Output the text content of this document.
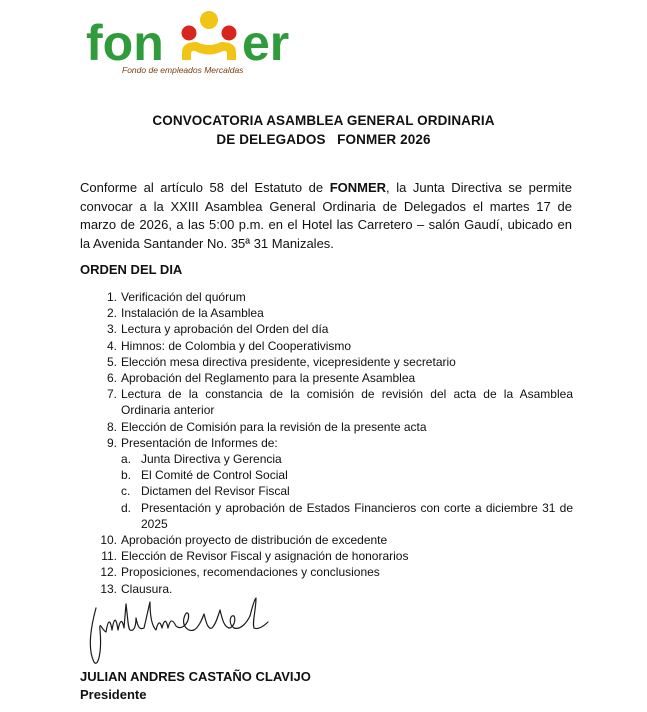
fon er
Fondo de empleados Mercaldas
CONVOCATORIA ASAMBLEA GENERAL ORDINARIA
DE DELEGADOS   FONMER 2026
Conforme al artículo 58 del Estatuto de FONMER, la Junta Directiva se permite convocar a la XXIII Asamblea General Ordinaria de Delegados el martes 17 de marzo de 2026, a las 5:00 p.m. en el Hotel las Carretero – salón Gaudí, ubicado en la Avenida Santander No. 35ª 31 Manizales.
ORDEN DEL DIA
1. Verificación del quórum
2. Instalación de la Asamblea
3. Lectura y aprobación del Orden del día
4. Himnos: de Colombia y del Cooperativismo
5. Elección mesa directiva presidente, vicepresidente y secretario
6. Aprobación del Reglamento para la presente Asamblea
7. Lectura de la constancia de la comisión de revisión del acta de la Asamblea Ordinaria anterior
8. Elección de Comisión para la revisión de la presente acta
9. Presentación de Informes de:
a. Junta Directiva y Gerencia
b. El Comité de Control Social
c. Dictamen del Revisor Fiscal
d. Presentación y aprobación de Estados Financieros con corte a diciembre 31 de 2025
10. Aprobación proyecto de distribución de excedente
11. Elección de Revisor Fiscal y asignación de honorarios
12. Proposiciones, recomendaciones y conclusiones
13. Clausura.
JULIAN ANDRES CASTAÑO CLAVIJO
Presidente
